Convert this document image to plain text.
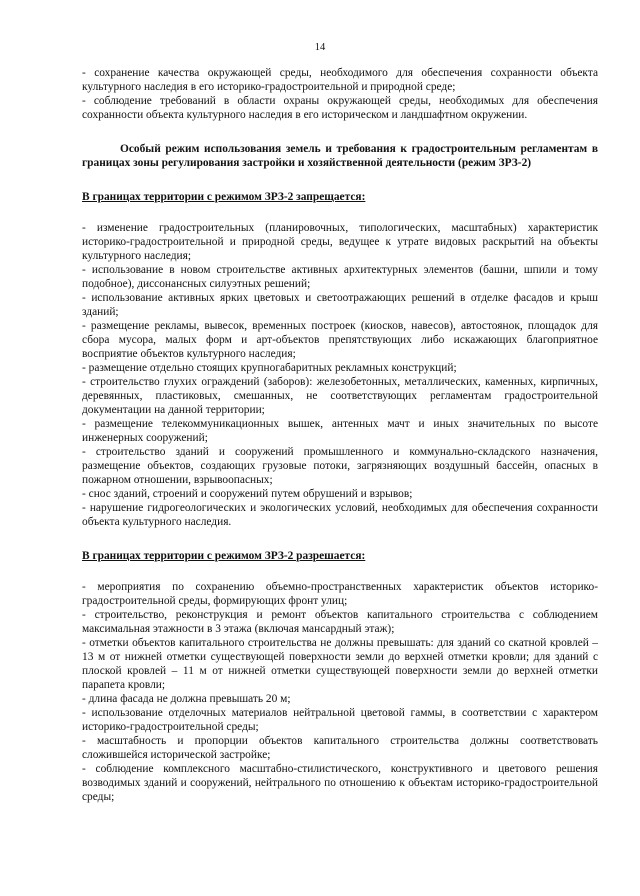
14

- сохранение качества окружающей среды, необходимого для обеспечения сохранности объекта культурного наследия в его историко-градостроительной и природной среде;

- соблюдение требований в области охраны окружающей среды, необходимых для обеспечения сохранности объекта культурного наследия в его историческом и ландшафтном окружении.

Особый режим использования земель и требования к градостроительным регламентам в границах зоны регулирования застройки и хозяйственной деятельности (режим ЗРЗ-2)

В границах территории с режимом ЗРЗ-2 запрещается:

- изменение градостроительных (планировочных, типологических, масштабных) характеристик историко-градостроительной и природной среды, ведущее к утрате видовых раскрытий на объекты культурного наследия;

- использование в новом строительстве активных архитектурных элементов (башни, шпили и тому подобное), диссонансных силуэтных решений;

- использование активных ярких цветовых и светоотражающих решений в отделке фасадов и крыш зданий;

- размещение рекламы, вывесок, временных построек (киосков, навесов), автостоянок, площадок для сбора мусора, малых форм и арт-объектов препятствующих либо искажающих благоприятное восприятие объектов культурного наследия;

- размещение отдельно стоящих крупногабаритных рекламных конструкций;

- строительство глухих ограждений (заборов): железобетонных, металлических, каменных, кирпичных, деревянных, пластиковых, смешанных, не соответствующих регламентам градостроительной документации на данной территории;

- размещение телекоммуникационных вышек, антенных мачт и иных значительных по высоте инженерных сооружений;

- строительство зданий и сооружений промышленного и коммунально-складского назначения, размещение объектов, создающих грузовые потоки, загрязняющих воздушный бассейн, опасных в пожарном отношении, взрывоопасных;

- снос зданий, строений и сооружений путем обрушений и взрывов;

- нарушение гидрогеологических и экологических условий, необходимых для обеспечения сохранности объекта культурного наследия.

В границах территории с режимом ЗРЗ-2 разрешается:

- мероприятия по сохранению объемно-пространственных характеристик объектов историко-градостроительной среды, формирующих фронт улиц;

- строительство, реконструкция и ремонт объектов капитального строительства с соблюдением максимальная этажности в 3 этажа (включая мансардный этаж);

- отметки объектов капитального строительства не должны превышать: для зданий со скатной кровлей – 13 м от нижней отметки существующей поверхности земли до верхней отметки кровли; для зданий с плоской кровлей – 11 м от нижней отметки существующей поверхности земли до верхней отметки парапета кровли;

- длина фасада не должна превышать 20 м;

- использование отделочных материалов нейтральной цветовой гаммы, в соответствии с характером историко-градостроительной среды;

- масштабность и пропорции объектов капитального строительства должны соответствовать сложившейся исторической застройке;

- соблюдение комплексного масштабно-стилистического, конструктивного и цветового решения возводимых зданий и сооружений, нейтрального по отношению к объектам историко-градостроительной среды;
